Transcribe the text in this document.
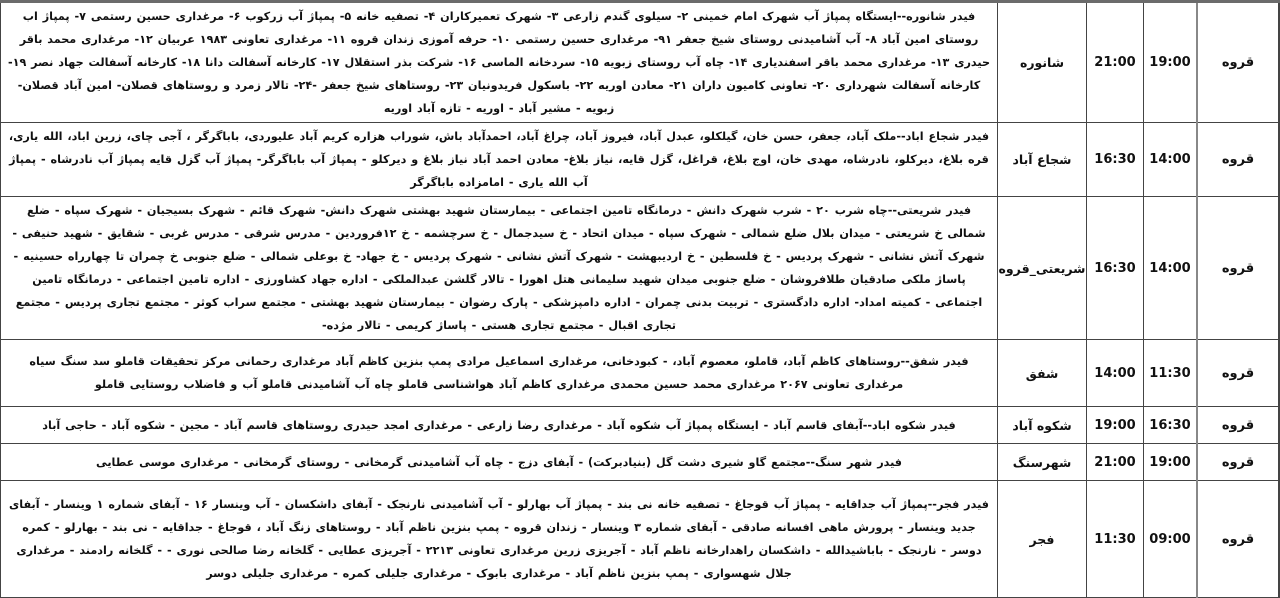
قروه	19:00	21:00	شانوره	فیدر شانوره--ایستگاه پمپاژ آب شهرک امام خمینی ۲- سیلوی گندم زارعی ۳- شهرک تعمیرکاران ۴- تصفیه خانه ۵- پمپاژ آب زرکوب ۶- مرغداری حسین رستمی ۷- پمپاژ اب روستای امین آباد ۸- آب آشامیدنی روستای شیخ جعفر ۹۱- مرغداری حسین رستمی ۱۰- حرفه آموزی زندان قروه ۱۱- مرغداری تعاونی ۱۹۸۳ عربیان ۱۲- مرغداری محمد باقر حیدری ۱۳- مرغداری محمد باقر اسفندیاری ۱۴- چاه آب روستای زبویه ۱۵- سردخانه الماسی ۱۶- شرکت بذر استقلال ۱۷- کارخانه آسفالت دانا ۱۸- کارخانه آسفالت جهاد نصر ۱۹- کارخانه آسفالت شهرداری ۲۰- تعاونی کامیون داران ۲۱- معادن اوریه ۲۲- باسکول فریدونیان ۲۳- روستاهای شیخ جعفر -۲۴- تالار زمرد و روستاهای قصلان- امین آباد قصلان- زبویه - مشیر آباد - اوریه - تازه آباد اوریه
قروه	14:00	16:30	شجاع آباد	فیدر شجاع اباد--ملک آباد، جعفر، حسن خان، گیلکلو، عبدل آباد، فیروز آباد، چراغ آباد، احمدآباد باش، شوراب هزاره کریم آباد علیوردی، باباگرگر ، آجی چای، زرین اباد، الله یاری، قره بلاغ، دیرکلو، نادرشاه، مهدی خان، اوج بلاغ، قراغل، گزل قایه، نیاز بلاغ- معادن احمد آباد نیاز بلاغ و دیرکلو - پمپاژ آب باباگرگر- پمپاژ آب گزل قایه پمپاژ آب نادرشاه - پمپاژ آب الله یاری - امامزاده باباگرگر
قروه	14:00	16:30	شریعتی_قروه	فیدر شریعتی--چاه شرب ۲۰ - شرب شهرک دانش - درمانگاه تامین اجتماعی - بیمارستان شهید بهشتی شهرک دانش- شهرک قائم - شهرک بسیجیان - شهرک سپاه - ضلع شمالی خ شریعتی - میدان بلال ضلع شمالی - شهرک سپاه - میدان اتحاد - خ سیدجمال - خ سرچشمه - خ ۱۲فروردین - مدرس شرقی - مدرس غربی - شقایق - شهید حنیفی - شهرک آتش نشانی - شهرک پردیس - خ فلسطین - خ اردیبهشت - شهرک آتش نشانی - شهرک پردیس - خ جهاد- خ بوعلی شمالی - ضلع جنوبی خ چمران تا چهارراه حسینیه - پاساژ ملکی صادقیان طلافروشان - ضلع جنوبی میدان شهید سلیمانی هتل اهورا - تالار گلشن عبدالملکی - اداره جهاد کشاورزی - اداره تامین اجتماعی - درمانگاه تامین اجتماعی - کمیته امداد- اداره دادگستری - تربیت بدنی چمران - اداره دامپزشکی - پارک رضوان - بیمارستان شهید بهشتی - مجتمع سراب کوثر - مجتمع تجاری پردیس - مجتمع تجاری اقبال - مجتمع تجاری هستی - پاساژ کریمی - تالار مژده-
قروه	11:30	14:00	شفق	فیدر شفق--روستاهای کاظم آباد، قاملو، معصوم آباد، - کبودخانی، مرغداری اسماعیل مرادی پمپ بنزین کاظم آباد مرغداری رحمانی مرکز تحقیقات قاملو سد سنگ سیاه مرغداری تعاونی ۲۰۶۷ مرغداری محمد حسین محمدی مرغداری کاظم آباد هواشناسی قاملو چاه آب آشامیدنی قاملو آب و فاضلاب روستایی قاملو
قروه	16:30	19:00	شکوه آباد	فیدر شکوه اباد--آبفای قاسم آباد - ایستگاه پمپاژ آب شکوه آباد - مرغداری رضا زارعی - مرغداری امجد حیدری روستاهای قاسم آباد - مجین - شکوه آباد - حاجی آباد
قروه	19:00	21:00	شهرسنگ	فیدر شهر سنگ--مجتمع گاو شیری دشت گل (بنیادبرکت) - آبفای دزج - چاه آب آشامیدنی گرمخانی - روستای گرمخانی - مرغداری موسی عطایی
قروه	09:00	11:30	فجر	فیدر فجر--پمپاژ آب جداقایه - پمپاژ آب قوجاغ - تصفیه خانه نی بند - پمپاژ آب بهارلو - آب آشامیدنی نارنجک - آبفای داشکسان - آب وینسار ۱۶ - آبفای شماره ۱ وینسار - آبفای جدید وینسار - پرورش ماهی افسانه صادقی - آبفای شماره ۳ وینسار - زندان قروه - پمپ بنزین ناظم آباد - روستاهای زنگ آباد ، قوجاغ - جداقایه - نی بند - بهارلو - کمره دوسر - نارنجک - باباشیدالله - داشکسان راهدارخانه ناظم آباد - آجریزی زرین مرغداری تعاونی ۲۲۱۳ - آجریزی عطایی - گلخانه رضا صالحی نوری - - گلخانه رادمند - مرغداری جلال شهسواری - پمپ بنزین ناظم آباد - مرغداری بابوک - مرغداری جلیلی کمره - مرغداری جلیلی دوسر
